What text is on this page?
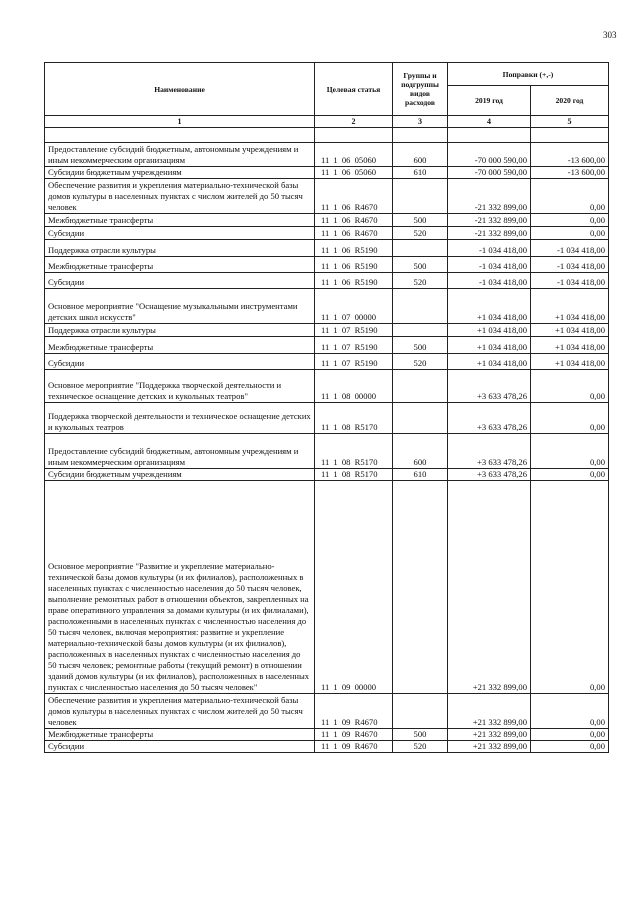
303
Наименование	Целевая статья	Группы и подгруппы видов расходов	Поправки (+,-)	
			2019 год	2020 год
1	2	3	4	5

Предоставление субсидий бюджетным, автономным учреждениям и иным некоммерческим организациям	11 1 06 05060	600	-70 000 590,00	-13 600,00
Субсидии бюджетным учреждениям	11 1 06 05060	610	-70 000 590,00	-13 600,00
Обеспечение развития и укрепления материально-технической базы домов культуры в населенных пунктах с числом жителей до 50 тысяч человек	11 1 06 R4670		-21 332 899,00	0,00
Межбюджетные трансферты	11 1 06 R4670	500	-21 332 899,00	0,00
Субсидии	11 1 06 R4670	520	-21 332 899,00	0,00
Поддержка отрасли культуры	11 1 06 R5190		-1 034 418,00	-1 034 418,00
Межбюджетные трансферты	11 1 06 R5190	500	-1 034 418,00	-1 034 418,00
Субсидии	11 1 06 R5190	520	-1 034 418,00	-1 034 418,00
Основное мероприятие "Оснащение музыкальными инструментами детских школ искусств"	11 1 07 00000		+1 034 418,00	+1 034 418,00
Поддержка отрасли культуры	11 1 07 R5190		+1 034 418,00	+1 034 418,00
Межбюджетные трансферты	11 1 07 R5190	500	+1 034 418,00	+1 034 418,00
Субсидии	11 1 07 R5190	520	+1 034 418,00	+1 034 418,00
Основное мероприятие "Поддержка творческой деятельности и техническое оснащение детских и кукольных театров"	11 1 08 00000		+3 633 478,26	0,00
Поддержка творческой деятельности и техническое оснащение детских и кукольных театров	11 1 08 R5170		+3 633 478,26	0,00
Предоставление субсидий бюджетным, автономным учреждениям и иным некоммерческим организациям	11 1 08 R5170	600	+3 633 478,26	0,00
Субсидии бюджетным учреждениям	11 1 08 R5170	610	+3 633 478,26	0,00
Основное мероприятие "Развитие и укрепление материально-технической базы домов культуры (и их филиалов), расположенных в населенных пунктах с численностью населения до 50 тысяч человек, выполнение ремонтных работ в отношении объектов, закрепленных на праве оперативного управления за домами культуры (и их филиалами), расположенными в населенных пунктах с численностью населения до 50 тысяч человек, включая мероприятия: развитие и укрепление материально-технической базы домов культуры (и их филиалов), расположенных в населенных пунктах с численностью населения до 50 тысяч человек; ремонтные работы (текущий ремонт) в отношении зданий домов культуры (и их филиалов), расположенных в населенных пунктах с численностью населения до 50 тысяч человек"	11 1 09 00000		+21 332 899,00	0,00
Обеспечение развития и укрепления материально-технической базы домов культуры в населенных пунктах с числом жителей до 50 тысяч человек	11 1 09 R4670		+21 332 899,00	0,00
Межбюджетные трансферты	11 1 09 R4670	500	+21 332 899,00	0,00
Субсидии	11 1 09 R4670	520	+21 332 899,00	0,00
